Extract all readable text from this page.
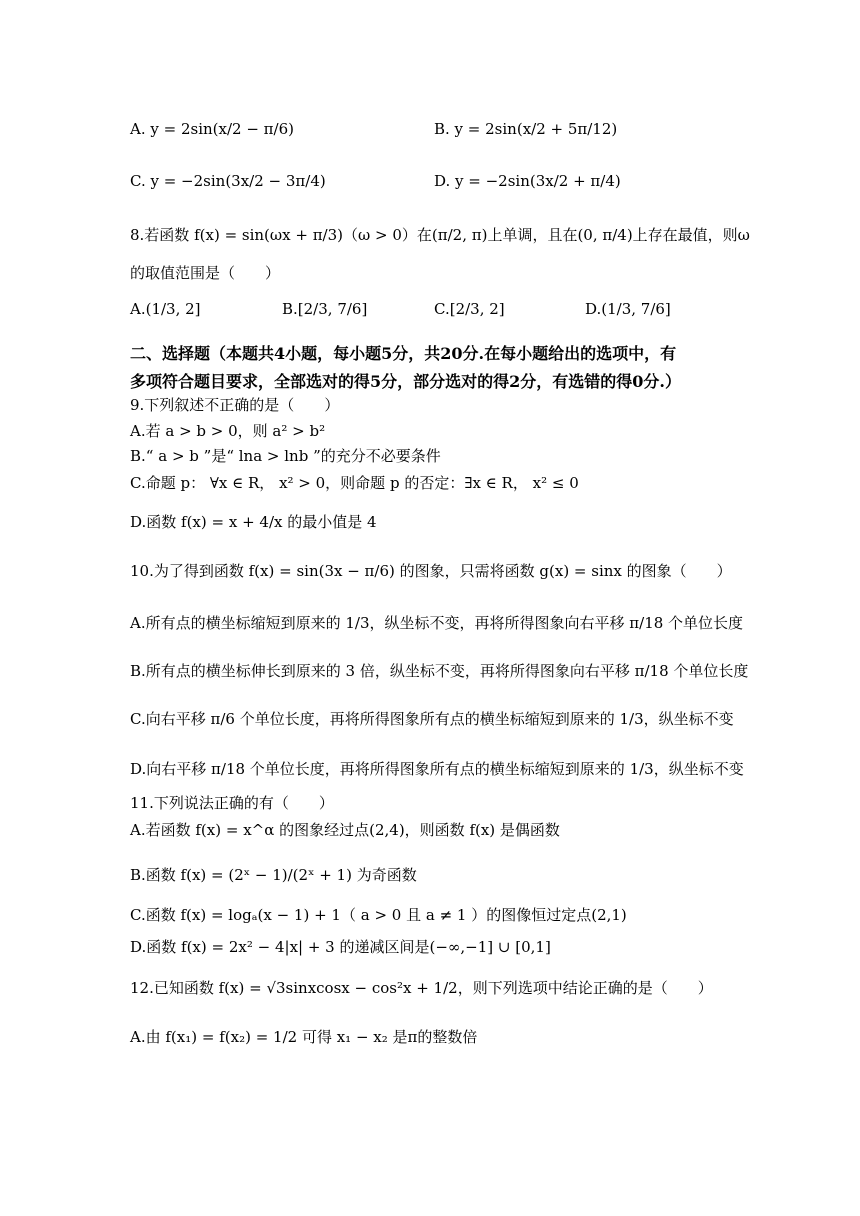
A. y = 2sin(x/2 − π/6)	B. y = 2sin(x/2 + 5π/12)
C. y = −2sin(3x/2 − 3π/4)	D. y = −2sin(3x/2 + π/4)
8.若函数 f(x) = sin(ωx + π/3)（ω > 0）在(π/2, π)上单调，且在(0, π/4)上存在最值，则ω
的取值范围是（　　）
A.(1/3, 2]	B.[2/3, 7/6]	C.[2/3, 2]	D.(1/3, 7/6]
二、选择题（本题共4小题，每小题5分，共20分.在每小题给出的选项中，有
多项符合题目要求，全部选对的得5分，部分选对的得2分，有选错的得0分.）
9.下列叙述不正确的是（　　）
A.若 a > b > 0，则 a² > b²
B.“ a > b ”是“ lna > lnb ”的充分不必要条件
C.命题 p： ∀x ∈ R， x² > 0，则命题 p 的否定：∃x ∈ R， x² ≤ 0
D.函数 f(x) = x + 4/x 的最小值是 4
10.为了得到函数 f(x) = sin(3x − π/6) 的图象，只需将函数 g(x) = sinx 的图象（　　）
A.所有点的横坐标缩短到原来的 1/3，纵坐标不变，再将所得图象向右平移 π/18 个单位长度
B.所有点的横坐标伸长到原来的 3 倍，纵坐标不变，再将所得图象向右平移 π/18 个单位长度
C.向右平移 π/6 个单位长度，再将所得图象所有点的横坐标缩短到原来的 1/3，纵坐标不变
D.向右平移 π/18 个单位长度，再将所得图象所有点的横坐标缩短到原来的 1/3，纵坐标不变
11.下列说法正确的有（　　）
A.若函数 f(x) = x^α 的图象经过点(2,4)，则函数 f(x) 是偶函数
B.函数 f(x) = (2ˣ − 1)/(2ˣ + 1) 为奇函数
C.函数 f(x) = logₐ(x − 1) + 1（ a > 0 且 a ≠ 1 ）的图像恒过定点(2,1)
D.函数 f(x) = 2x² − 4|x| + 3 的递减区间是(−∞,−1] ∪ [0,1]
12.已知函数 f(x) = √3sinxcosx − cos²x + 1/2，则下列选项中结论正确的是（　　）
A.由 f(x₁) = f(x₂) = 1/2 可得 x₁ − x₂ 是π的整数倍
